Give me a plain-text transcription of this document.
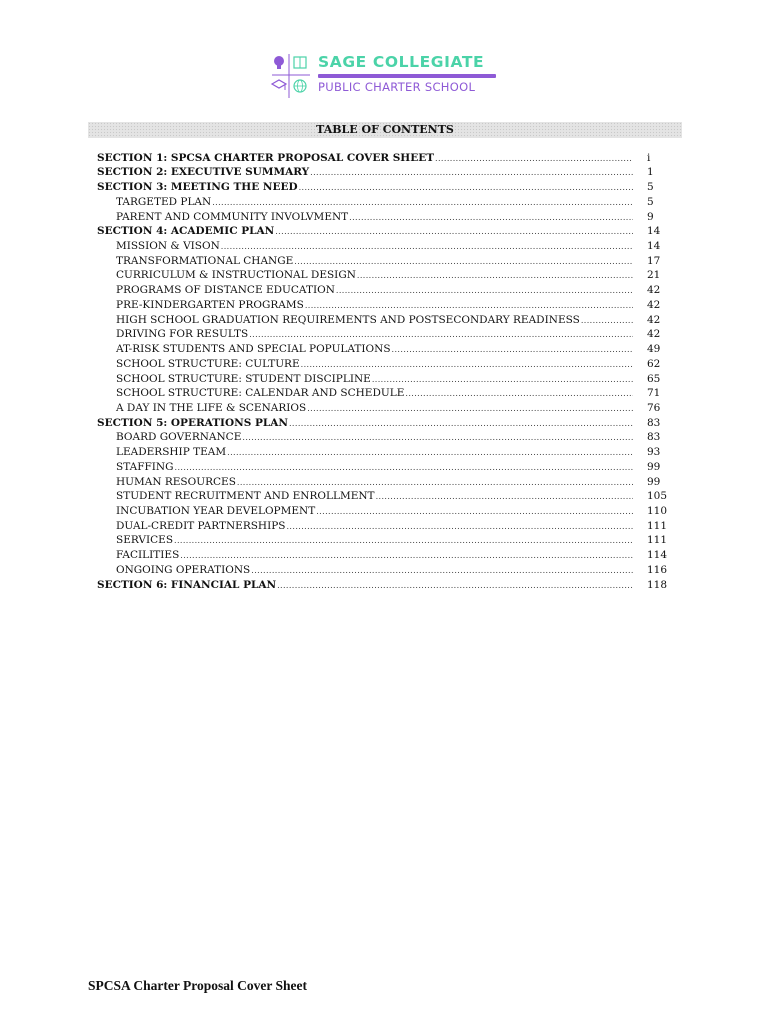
SAGE COLLEGIATE
PUBLIC CHARTER SCHOOL
TABLE OF CONTENTS
SECTION 1: SPCSA CHARTER PROPOSAL COVER SHEET .....	i
SECTION 2: EXECUTIVE SUMMARY .....	1
SECTION 3: MEETING THE NEED .....	5
TARGETED PLAN .....	5
PARENT AND COMMUNITY INVOLVMENT .....	9
SECTION 4: ACADEMIC PLAN .....	14
MISSION & VISON .....	14
TRANSFORMATIONAL CHANGE .....	17
CURRICULUM & INSTRUCTIONAL DESIGN .....	21
PROGRAMS OF DISTANCE EDUCATION .....	42
PRE-KINDERGARTEN PROGRAMS .....	42
HIGH SCHOOL GRADUATION REQUIREMENTS AND POSTSECONDARY READINESS .....	42
DRIVING FOR RESULTS .....	42
AT-RISK STUDENTS AND SPECIAL POPULATIONS .....	49
SCHOOL STRUCTURE: CULTURE .....	62
SCHOOL STRUCTURE: STUDENT DISCIPLINE .....	65
SCHOOL STRUCTURE: CALENDAR AND SCHEDULE .....	71
A DAY IN THE LIFE & SCENARIOS .....	76
SECTION 5: OPERATIONS PLAN .....	83
BOARD GOVERNANCE .....	83
LEADERSHIP TEAM .....	93
STAFFING .....	99
HUMAN RESOURCES .....	99
STUDENT RECRUITMENT AND ENROLLMENT .....	105
INCUBATION YEAR DEVELOPMENT .....	110
DUAL-CREDIT PARTNERSHIPS .....	111
SERVICES .....	111
FACILITIES .....	114
ONGOING OPERATIONS .....	116
SECTION 6: FINANCIAL PLAN .....	118
SPCSA Charter Proposal Cover Sheet
